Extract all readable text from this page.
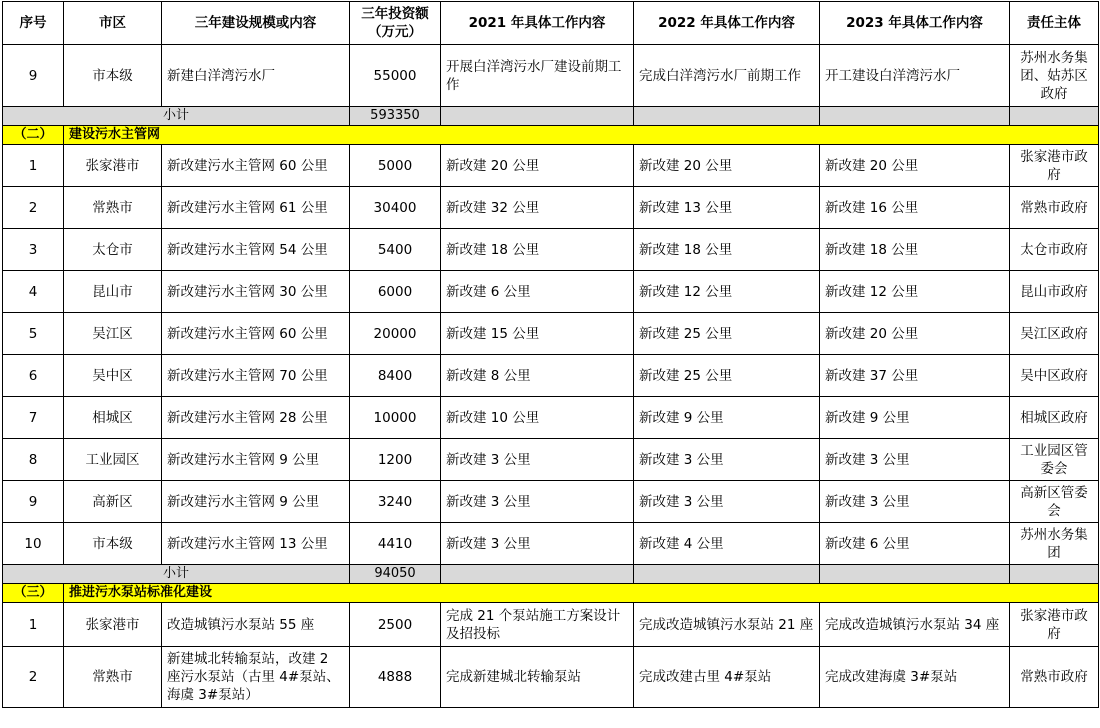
序号	市区	三年建设规模或内容	三年投资额（万元）	2021 年具体工作内容	2022 年具体工作内容	2023 年具体工作内容	责任主体
9	市本级	新建白洋湾污水厂	55000	开展白洋湾污水厂建设前期工作	完成白洋湾污水厂前期工作	开工建设白洋湾污水厂	苏州水务集团、姑苏区政府
小计			593350				
（二）	建设污水主管网						
1	张家港市	新改建污水主管网 60 公里	5000	新改建 20 公里	新改建 20 公里	新改建 20 公里	张家港市政府
2	常熟市	新改建污水主管网 61 公里	30400	新改建 32 公里	新改建 13 公里	新改建 16 公里	常熟市政府
3	太仓市	新改建污水主管网 54 公里	5400	新改建 18 公里	新改建 18 公里	新改建 18 公里	太仓市政府
4	昆山市	新改建污水主管网 30 公里	6000	新改建 6 公里	新改建 12 公里	新改建 12 公里	昆山市政府
5	吴江区	新改建污水主管网 60 公里	20000	新改建 15 公里	新改建 25 公里	新改建 20 公里	吴江区政府
6	吴中区	新改建污水主管网 70 公里	8400	新改建 8 公里	新改建 25 公里	新改建 37 公里	吴中区政府
7	相城区	新改建污水主管网 28 公里	10000	新改建 10 公里	新改建 9 公里	新改建 9 公里	相城区政府
8	工业园区	新改建污水主管网 9 公里	1200	新改建 3 公里	新改建 3 公里	新改建 3 公里	工业园区管委会
9	高新区	新改建污水主管网 9 公里	3240	新改建 3 公里	新改建 3 公里	新改建 3 公里	高新区管委会
10	市本级	新改建污水主管网 13 公里	4410	新改建 3 公里	新改建 4 公里	新改建 6 公里	苏州水务集团
小计			94050				
（三）	推进污水泵站标准化建设						
1	张家港市	改造城镇污水泵站 55 座	2500	完成 21 个泵站施工方案设计及招投标	完成改造城镇污水泵站 21 座	完成改造城镇污水泵站 34 座	张家港市政府
2	常熟市	新建城北转输泵站，改建 2 座污水泵站（古里 4#泵站、海虞 3#泵站）	4888	完成新建城北转输泵站	完成改建古里 4#泵站	完成改建海虞 3#泵站	常熟市政府
